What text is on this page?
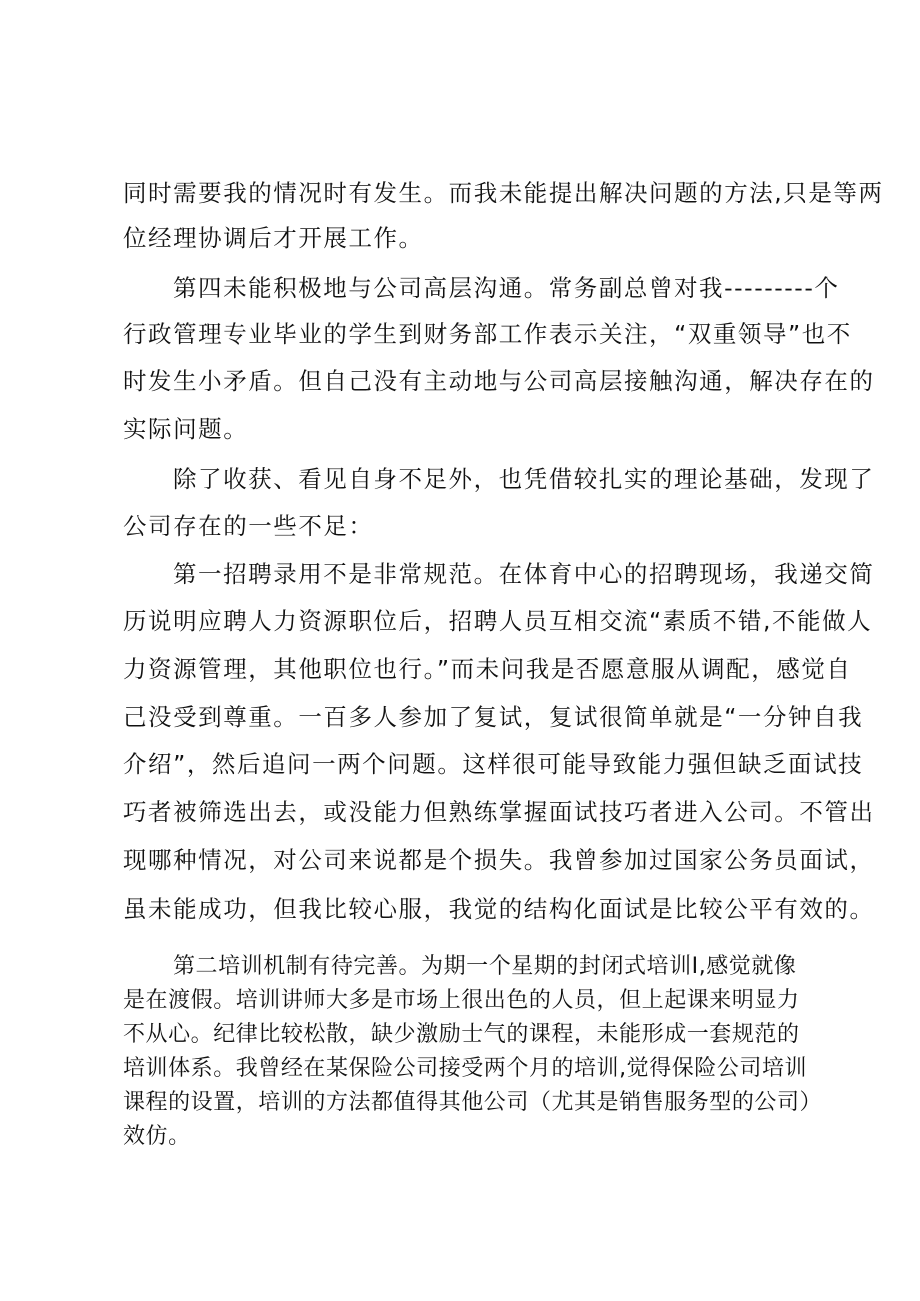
同时需要我的情况时有发生。而我未能提出解决问题的方法,只是等两

位经理协调后才开展工作。

第四未能积极地与公司高层沟通。常务副总曾对我---------个

行政管理专业毕业的学生到财务部工作表示关注，“双重领导”也不

时发生小矛盾。但自己没有主动地与公司高层接触沟通，解决存在的

实际问题。

除了收获、看见自身不足外，也凭借较扎实的理论基础，发现了

公司存在的一些不足：

第一招聘录用不是非常规范。在体育中心的招聘现场，我递交简

历说明应聘人力资源职位后，招聘人员互相交流“素质不错,不能做人

力资源管理，其他职位也行。”而未问我是否愿意服从调配，感觉自

己没受到尊重。一百多人参加了复试，复试很简单就是“一分钟自我

介绍”，然后追问一两个问题。这样很可能导致能力强但缺乏面试技

巧者被筛选出去，或没能力但熟练掌握面试技巧者进入公司。不管出

现哪种情况，对公司来说都是个损失。我曾参加过国家公务员面试，

虽未能成功，但我比较心服，我觉的结构化面试是比较公平有效的。

第二培训机制有待完善。为期一个星期的封闭式培训Ⅰ,感觉就像

是在渡假。培训讲师大多是市场上很出色的人员，但上起课来明显力

不从心。纪律比较松散，缺少激励士气的课程，未能形成一套规范的

培训体系。我曾经在某保险公司接受两个月的培训,觉得保险公司培训

课程的设置，培训的方法都值得其他公司（尤其是销售服务型的公司）

效仿。
